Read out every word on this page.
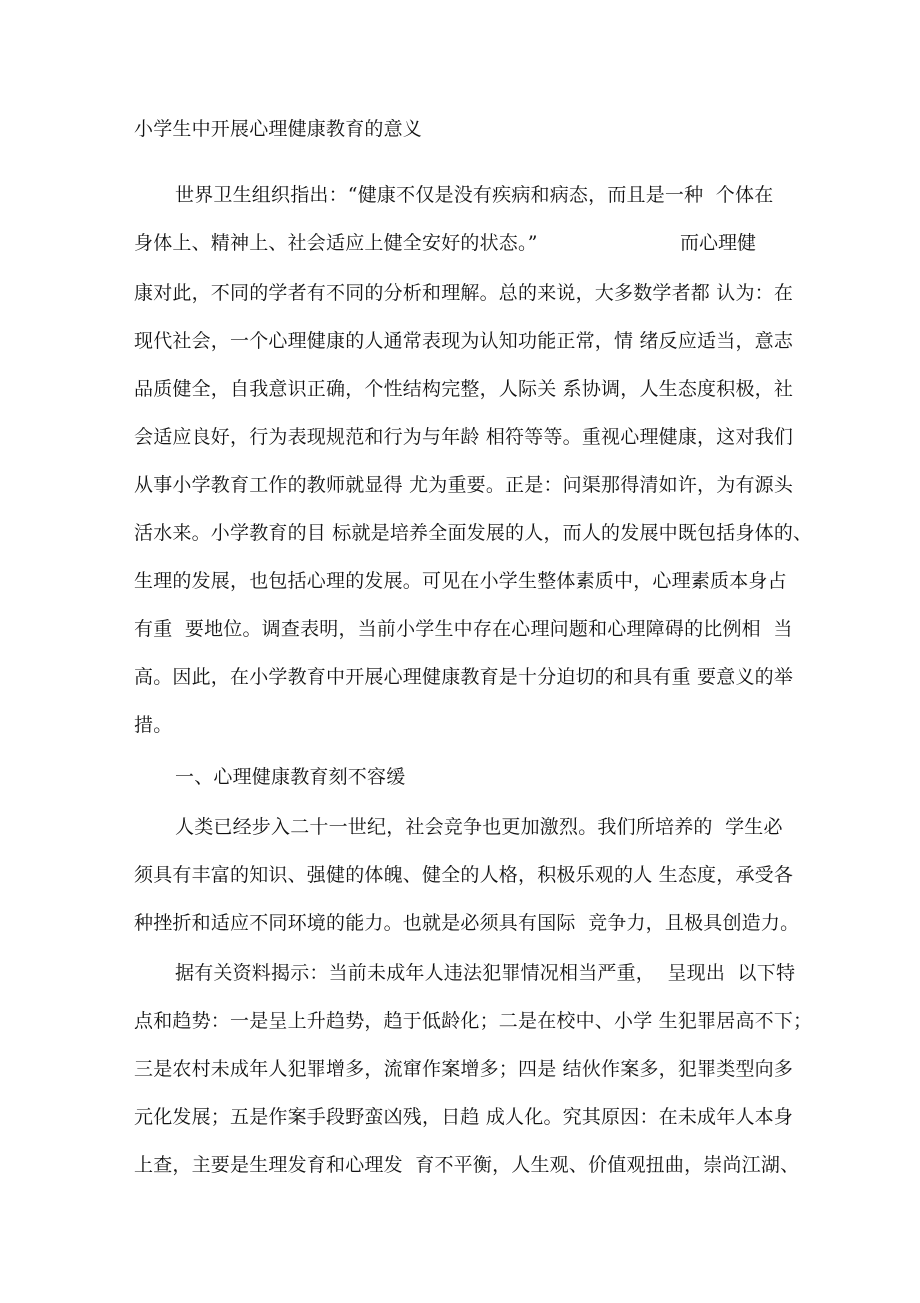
小学生中开展心理健康教育的意义
世界卫生组织指出：“健康不仅是没有疾病和病态，而且是一种  个体在
身体上、精神上、社会适应上健全安好的状态。”	而心理健
康对此，不同的学者有不同的分析和理解。总的来说，大多数学者都 认为：在
现代社会，一个心理健康的人通常表现为认知功能正常，情 绪反应适当，意志
品质健全，自我意识正确，个性结构完整，人际关 系协调，人生态度积极，社
会适应良好，行为表现规范和行为与年龄 相符等等。重视心理健康，这对我们
从事小学教育工作的教师就显得 尤为重要。正是：问渠那得清如许，为有源头
活水来。小学教育的目 标就是培养全面发展的人，而人的发展中既包括身体的、
生理的发展，也包括心理的发展。可见在小学生整体素质中，心理素质本身占
有重  要地位。调查表明，当前小学生中存在心理问题和心理障碍的比例相  当
高。因此，在小学教育中开展心理健康教育是十分迫切的和具有重 要意义的举
措。
一、心理健康教育刻不容缓
人类已经步入二十一世纪，社会竞争也更加激烈。我们所培养的  学生必
须具有丰富的知识、强健的体魄、健全的人格，积极乐观的人 生态度，承受各
种挫折和适应不同环境的能力。也就是必须具有国际  竞争力，且极具创造力。
据有关资料揭示：当前未成年人违法犯罪情况相当严重，  呈现出  以下特
点和趋势：一是呈上升趋势，趋于低龄化；二是在校中、小学 生犯罪居高不下；
三是农村未成年人犯罪增多，流窜作案增多；四是 结伙作案多，犯罪类型向多
元化发展；五是作案手段野蛮凶残，日趋 成人化。究其原因：在未成年人本身
上查，主要是生理发育和心理发  育不平衡，人生观、价值观扭曲，崇尚江湖、
